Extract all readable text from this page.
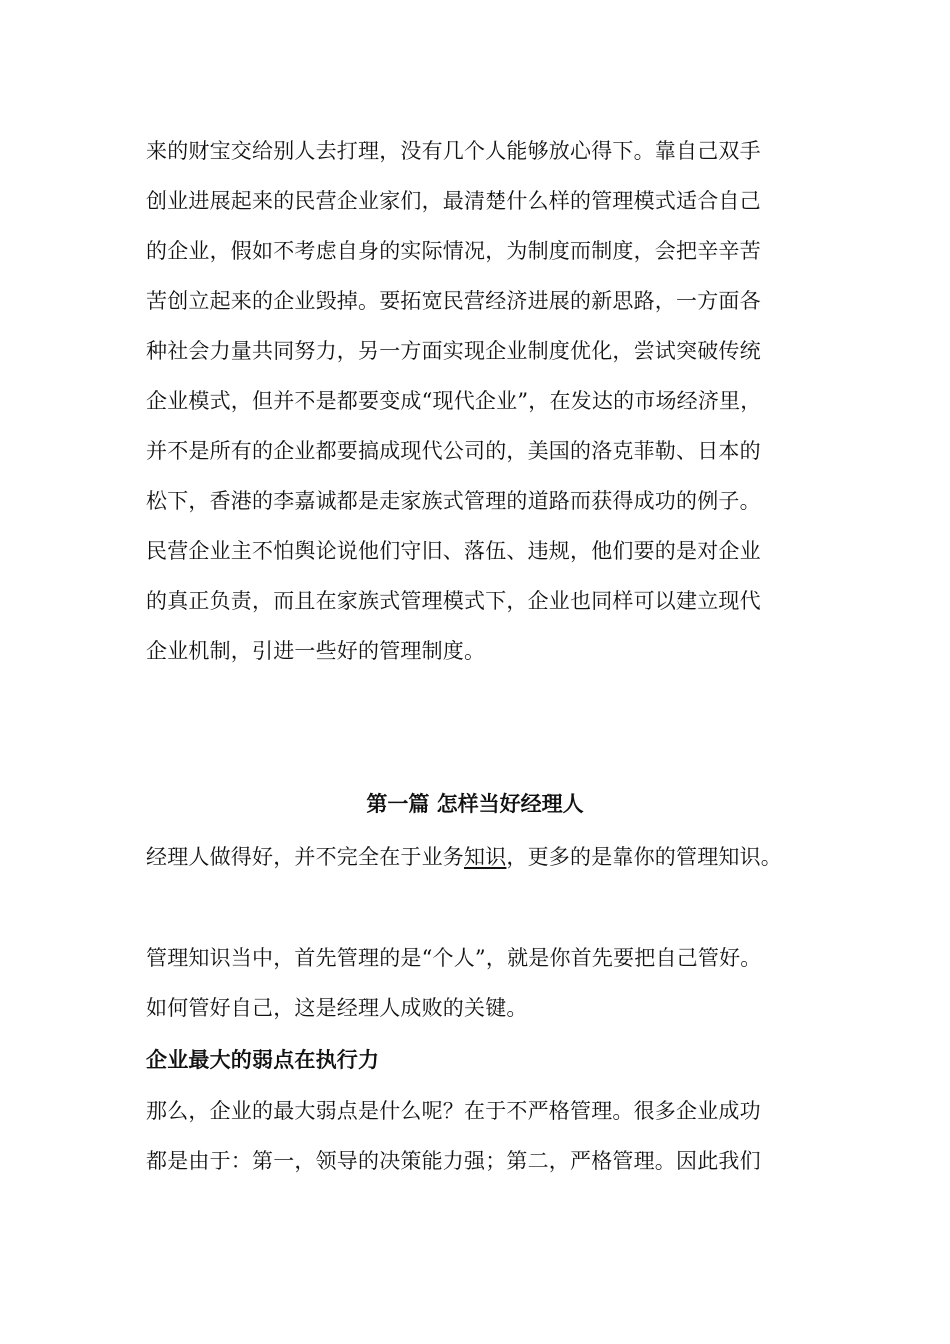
来的财宝交给别人去打理，没有几个人能够放心得下。靠自己双手
创业进展起来的民营企业家们，最清楚什么样的管理模式适合自己
的企业，假如不考虑自身的实际情况，为制度而制度，会把辛辛苦
苦创立起来的企业毁掉。要拓宽民营经济进展的新思路，一方面各
种社会力量共同努力，另一方面实现企业制度优化，尝试突破传统
企业模式，但并不是都要变成“现代企业”，在发达的市场经济里，
并不是所有的企业都要搞成现代公司的，美国的洛克菲勒、日本的
松下，香港的李嘉诚都是走家族式管理的道路而获得成功的例子。
民营企业主不怕舆论说他们守旧、落伍、违规，他们要的是对企业
的真正负责，而且在家族式管理模式下，企业也同样可以建立现代
企业机制，引进一些好的管理制度。
第一篇 怎样当好经理人
经理人做得好，并不完全在于业务知识，更多的是靠你的管理知识。
管理知识当中，首先管理的是“个人”，就是你首先要把自己管好。
如何管好自己，这是经理人成败的关键。
企业最大的弱点在执行力
那么，企业的最大弱点是什么呢？在于不严格管理。很多企业成功
都是由于：第一，领导的决策能力强；第二，严格管理。因此我们
